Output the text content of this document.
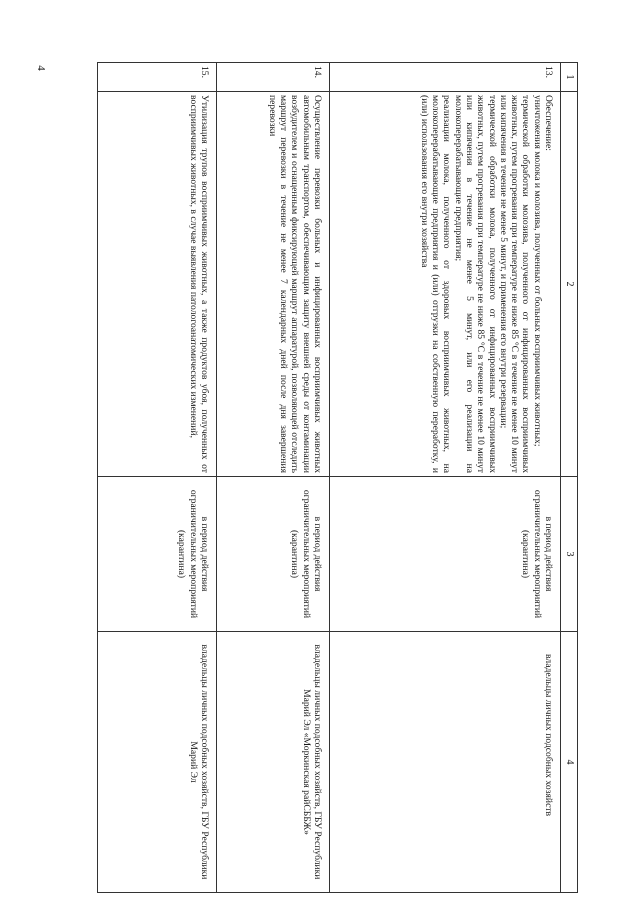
4
1	2	3	4
13.	Обеспечение:

уничтожения молока и молозива, полученных от больных восприимчивых животных;

термической обработки молозива, полученного от инфицированных восприимчивых животных, путем прогревания при температуре не ниже 85 °С в течение не менее 10 минут или кипячения в течение не менее 5 минут, и применения его внутри резервации;

термической обработки молока, полученного от инфицированных восприимчивых животных, путем прогревания при температуре не ниже 85 °С в течение не менее 10 минут или кипячения в течение не менее 5 минут, или его реализации на молокоперерабатывающие предприятия;

реализации молока, полученного от здоровых восприимчивых животных, на молокоперерабатывающие предприятия и (или) отгрузки на собственную переработку, и (или) использования его внутри хозяйства	в период действия ограничительных мероприятий (карантина)	владельцы личных подсобных хозяйств
14.	Осуществление перевозки больных и инфицированных восприимчивых животных автомобильным транспортом, обеспечивающим защиту внешней среды от контаминации возбудителем и оснащенным фиксирующей маршрут аппаратурой, позволяющей отследить маршрут перевозки в течение не менее 7 календарных дней после дня завершения перевозки	в период действия ограничительных мероприятий (карантина)	владельцы личных подсобных хозяйств, ГБУ Республики Марий Эл «Моркинская райСББЖ»
15.	Утилизация трупов восприимчивых животных, а также продуктов убоя, полученных от восприимчивых животных, в случае выявления патологоанатомических изменений,	в период действия ограничительных мероприятий (карантина)	владельцы личных подсобных хозяйств, ГБУ Республики Марий Эл
